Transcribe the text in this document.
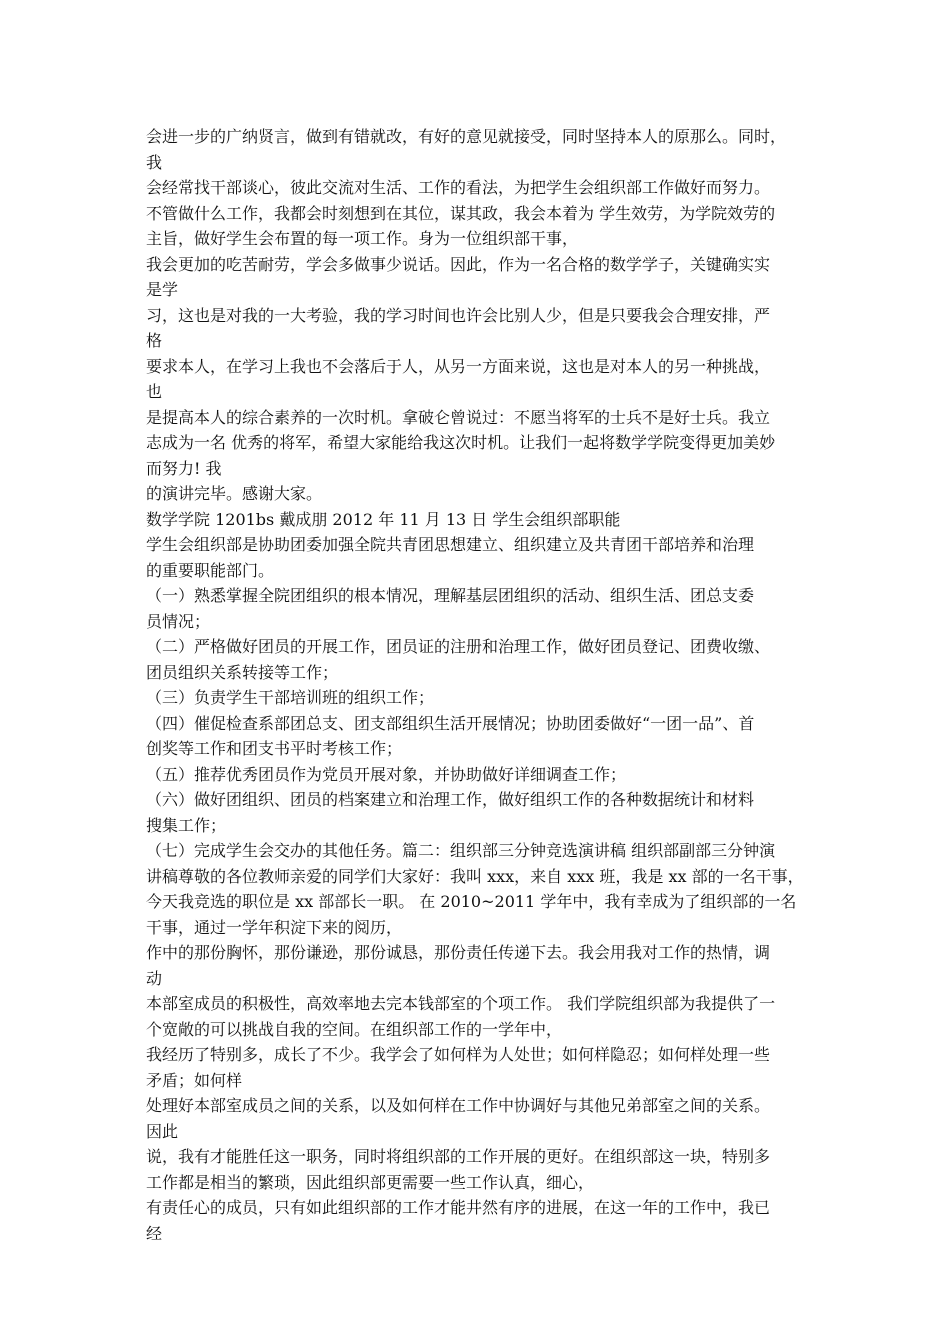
会进一步的广纳贤言，做到有错就改，有好的意见就接受，同时坚持本人的原那么。同时，
我
会经常找干部谈心，彼此交流对生活、工作的看法，为把学生会组织部工作做好而努力。
不管做什么工作，我都会时刻想到在其位，谋其政，我会本着为 学生效劳，为学院效劳的
主旨，做好学生会布置的每一项工作。身为一位组织部干事，
我会更加的吃苦耐劳，学会多做事少说话。因此，作为一名合格的数学学子，关键确实实
是学
习，这也是对我的一大考验，我的学习时间也许会比别人少，但是只要我会合理安排，严
格
要求本人，在学习上我也不会落后于人，从另一方面来说，这也是对本人的另一种挑战，
也
是提高本人的综合素养的一次时机。拿破仑曾说过：不愿当将军的士兵不是好士兵。我立
志成为一名 优秀的将军，希望大家能给我这次时机。让我们一起将数学学院变得更加美妙
而努力! 我
的演讲完毕。感谢大家。
数学学院 1201bs 戴成朋 2012 年 11 月 13 日 学生会组织部职能
学生会组织部是协助团委加强全院共青团思想建立、组织建立及共青团干部培养和治理
的重要职能部门。
（一）熟悉掌握全院团组织的根本情况，理解基层团组织的活动、组织生活、团总支委
员情况；
（二）严格做好团员的开展工作，团员证的注册和治理工作，做好团员登记、团费收缴、
团员组织关系转接等工作；
（三）负责学生干部培训班的组织工作；
（四）催促检查系部团总支、团支部组织生活开展情况；协助团委做好“一团一品”、首
创奖等工作和团支书平时考核工作；
（五）推荐优秀团员作为党员开展对象，并协助做好详细调查工作；
（六）做好团组织、团员的档案建立和治理工作，做好组织工作的各种数据统计和材料
搜集工作；
（七）完成学生会交办的其他任务。篇二：组织部三分钟竞选演讲稿 组织部副部三分钟演
讲稿尊敬的各位教师亲爱的同学们大家好：我叫 xxx，来自 xxx 班，我是 xx 部的一名干事，
今天我竞选的职位是 xx 部部长一职。 在 2010~2011 学年中，我有幸成为了组织部的一名
干事，通过一学年积淀下来的阅历，
作中的那份胸怀，那份谦逊，那份诚恳，那份责任传递下去。我会用我对工作的热情，调
动
本部室成员的积极性，高效率地去完本钱部室的个项工作。 我们学院组织部为我提供了一
个宽敞的可以挑战自我的空间。在组织部工作的一学年中，
我经历了特别多，成长了不少。我学会了如何样为人处世；如何样隐忍；如何样处理一些
矛盾；如何样
处理好本部室成员之间的关系，以及如何样在工作中协调好与其他兄弟部室之间的关系。
因此
说，我有才能胜任这一职务，同时将组织部的工作开展的更好。在组织部这一块，特别多
工作都是相当的繁琐，因此组织部更需要一些工作认真，细心，
有责任心的成员，只有如此组织部的工作才能井然有序的进展，在这一年的工作中，我已
经
